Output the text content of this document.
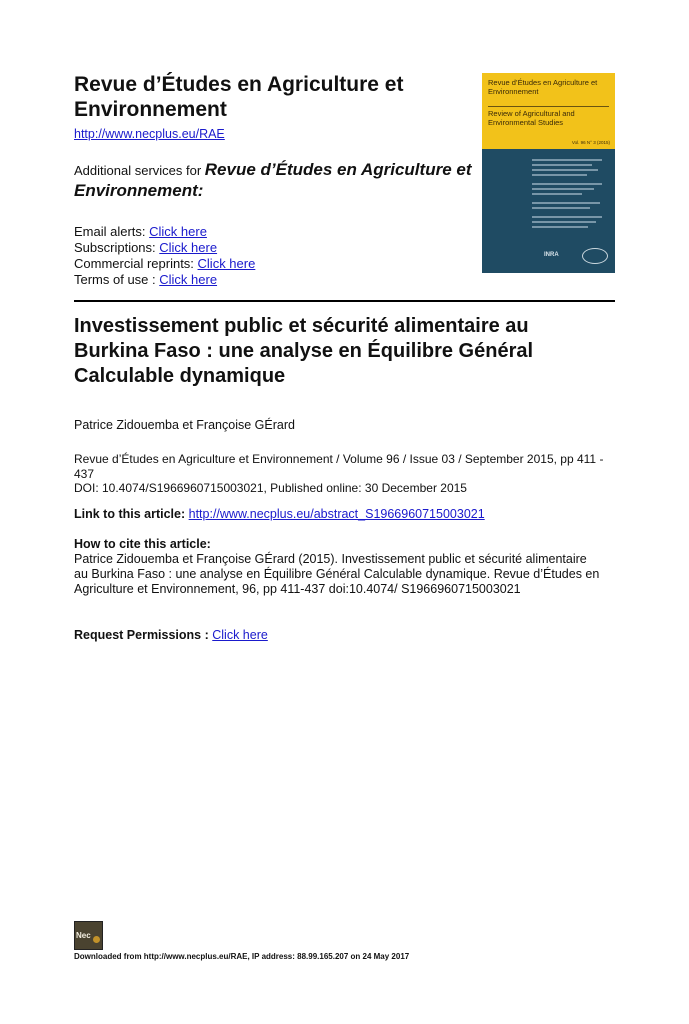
Revue d’Études en Agriculture et Environnement
http://www.necplus.eu/RAE
Additional services for Revue d’Études en Agriculture et Environnement:
Email alerts: Click here
Subscriptions: Click here
Commercial reprints: Click here
Terms of use : Click here
Revue d’Études en Agriculture et Environnement
Review of Agricultural and Environmental Studies
Vol. 96 N° 3 (2015)
INRA
Investissement public et sécurité alimentaire au Burkina Faso : une analyse en Équilibre Général Calculable dynamique
Patrice Zidouemba et Françoise GÉrard
Revue d’Études en Agriculture et Environnement / Volume 96 / Issue 03 / September 2015, pp 411 - 437
DOI: 10.4074/S1966960715003021, Published online: 30 December 2015
Link to this article: http://www.necplus.eu/abstract_S1966960715003021
How to cite this article:
Patrice Zidouemba et Françoise GÉrard (2015). Investissement public et sécurité alimentaire au Burkina Faso : une analyse en Équilibre Général Calculable dynamique. Revue d’Études en Agriculture et Environnement, 96, pp 411-437 doi:10.4074/ S1966960715003021
Request Permissions : Click here
Nec
Downloaded from http://www.necplus.eu/RAE, IP address: 88.99.165.207 on 24 May 2017
